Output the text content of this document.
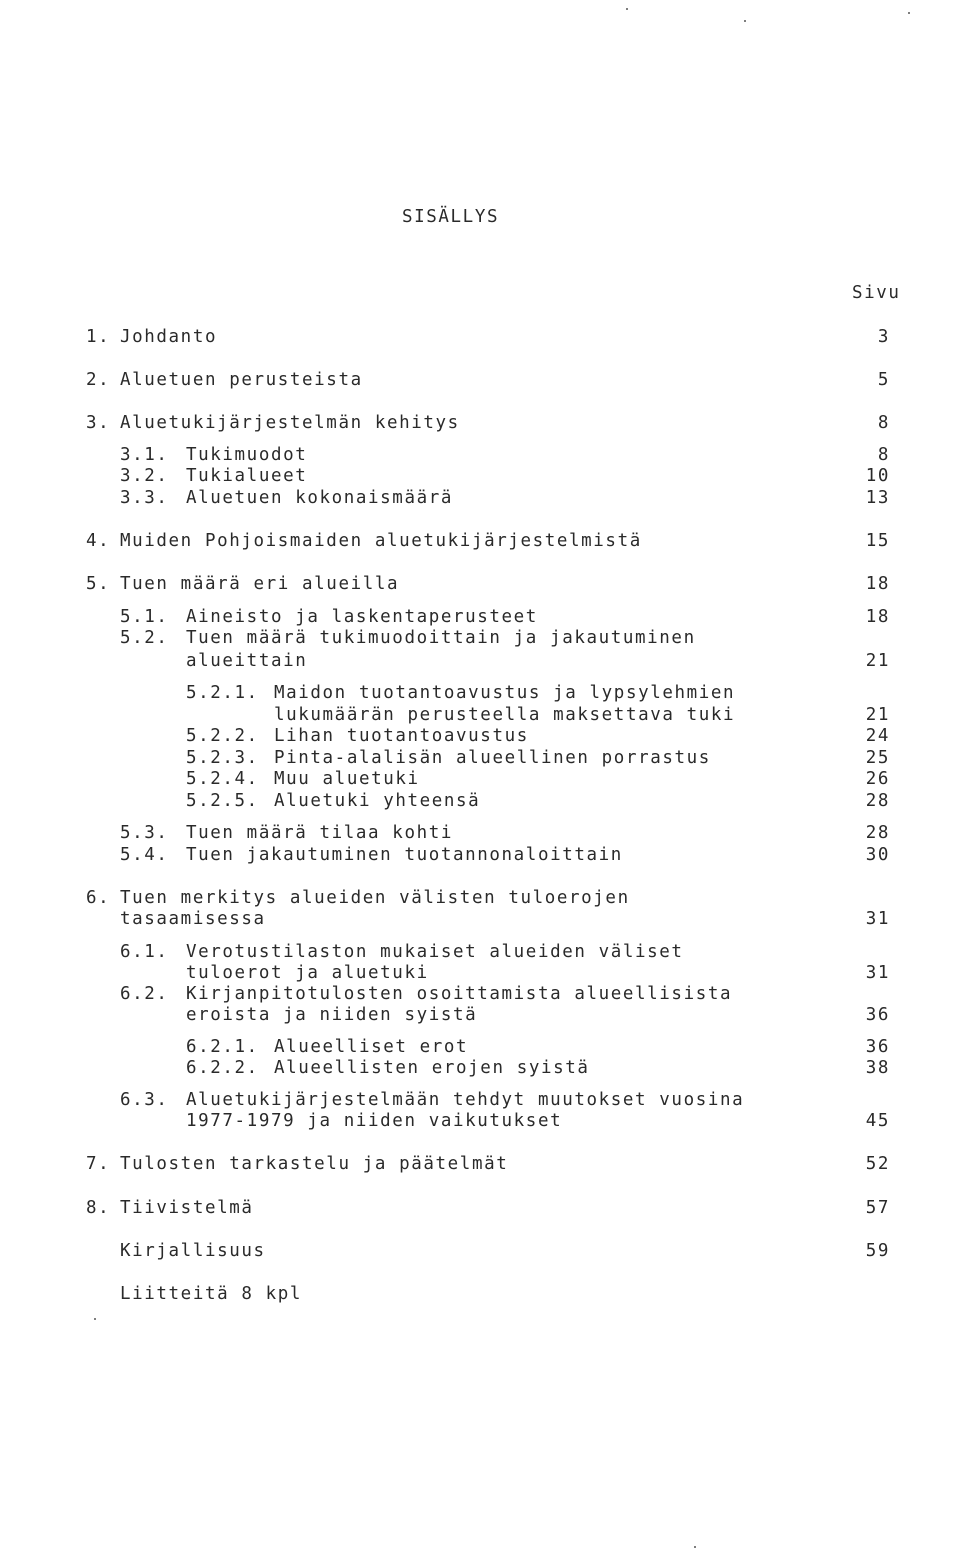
SISÄLLYS
Sivu
1. Johdanto	3
2. Aluetuen perusteista	5
3. Aluetukijärjestelmän kehitys	8
3.1. Tukimuodot	8
3.2. Tukialueet	10
3.3. Aluetuen kokonaismäärä	13
4. Muiden Pohjoismaiden aluetukijärjestelmistä	15
5. Tuen määrä eri alueilla	18
5.1. Aineisto ja laskentaperusteet	18
5.2. Tuen määrä tukimuodoittain ja jakautuminen
alueittain	21
5.2.1. Maidon tuotantoavustus ja lypsylehmien
lukumäärän perusteella maksettava tuki	21
5.2.2. Lihan tuotantoavustus	24
5.2.3. Pinta-alalisän alueellinen porrastus	25
5.2.4. Muu aluetuki	26
5.2.5. Aluetuki yhteensä	28
5.3. Tuen määrä tilaa kohti	28
5.4. Tuen jakautuminen tuotannonaloittain	30
6. Tuen merkitys alueiden välisten tuloerojen
tasaamisessa	31
6.1. Verotustilaston mukaiset alueiden väliset
tuloerot ja aluetuki	31
6.2. Kirjanpitotulosten osoittamista alueellisista
eroista ja niiden syistä	36
6.2.1. Alueelliset erot	36
6.2.2. Alueellisten erojen syistä	38
6.3. Aluetukijärjestelmään tehdyt muutokset vuosina
1977-1979 ja niiden vaikutukset	45
7. Tulosten tarkastelu ja päätelmät	52
8. Tiivistelmä	57
Kirjallisuus	59
Liitteitä 8 kpl
